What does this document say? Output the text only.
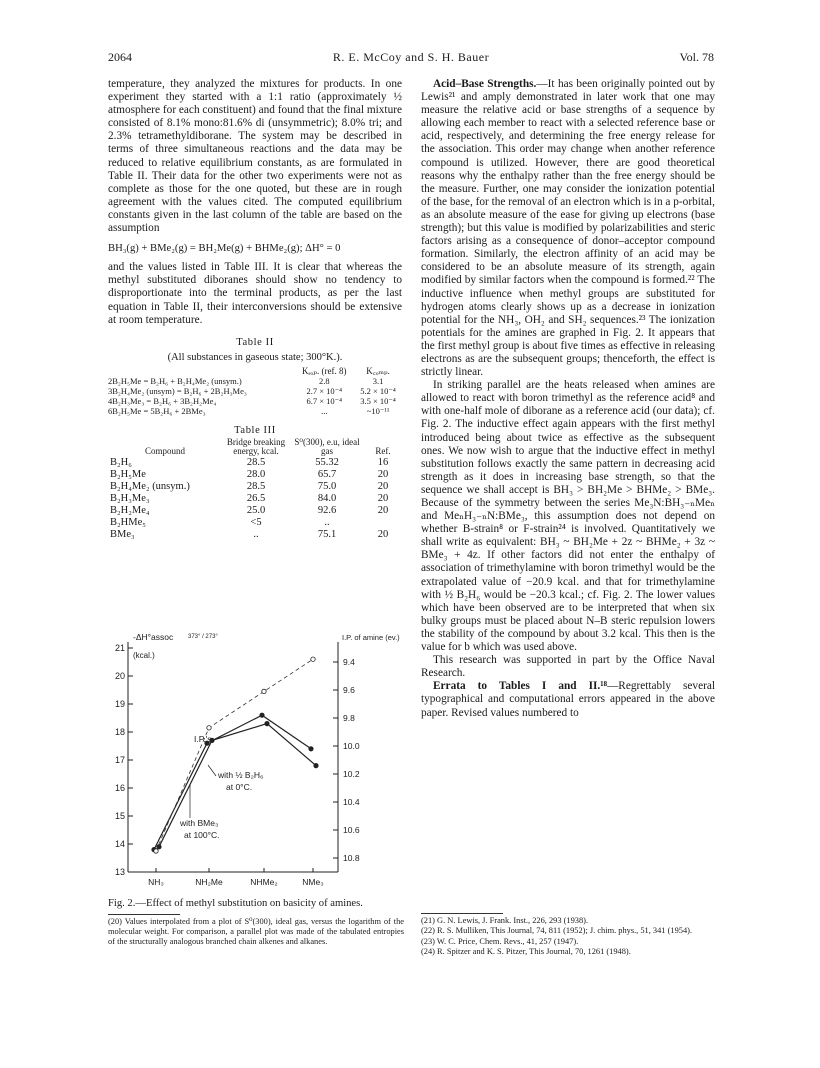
2064	R. E. McCoy and S. H. Bauer	Vol. 78

temperature, they analyzed the mixtures for products. In one experiment they started with a 1:1 ratio (approximately ½ atmosphere for each constituent) and found that the final mixture consisted of 8.1% mono:81.6% di (unsymmetric); 8.0% tri; and 2.3% tetramethyldiborane. The system may be described in terms of three simultaneous reactions and the data may be reduced to relative equilibrium constants, as are formulated in Table II. Their data for the other two experiments were not as complete as those for the one quoted, but these are in rough agreement with the values cited. The computed equilibrium constants given in the last column of the table are based on the assumption

BH₃(g) + BMe₂(g) = BH₂Me(g) + BHMe₂(g); ΔH° = 0

and the values listed in Table III. It is clear that whereas the methyl substituted diboranes should show no tendency to disproportionate into the terminal products, as per the last equation in Table II, their interconversions should be extensive at room temperature.

Table II
(All substances in gaseous state; 300°K.).
	Kₑₓₚ. (ref. 8)	K꜀ₒₘₚ.
2B₂H₅Me = B₂H₆ + B₂H₄Me₂ (unsym.)	2.8	3.1
3B₂H₄Me₂ (unsym) = B₂H₆ + 2B₂H₃Me₃	2.7 × 10⁻⁴	5.2 × 10⁻⁴
4B₂H₃Me₃ = B₂H₆ + 3B₂H₂Me₄	6.7 × 10⁻⁴	3.5 × 10⁻⁴
6B₂H₅Me = 5B₂H₆ + 2BMe₃	...	~10⁻¹¹
Table III
Compound	Bridge breaking energy, kcal.	S⁰(300), e.u, ideal gas	Ref.
B₂H₆	28.5	55.32	16
B₂H₅Me	28.0	65.7	20
B₂H₄Me₂ (unsym.)	28.5	75.0	20
B₂H₃Me₃	26.5	84.0	20
B₂H₂Me₄	25.0	92.6	20
B₂HMe₅	<5	..	
BMe₃	..	75.1	20
21
20
19
18
17
16
15
14
13
9.4
9.6
9.8
10.0
10.2
10.4
10.6
10.8
NH₃	NH₂Me	NHMe₂	NMe₃
-ΔH°assoc 373° / 273°
(kcal.)
I.P. of amine (ev.)
I.P.'s
with ½ B₂H₆
at 0°C.
with BMe₃
at 100°C.
Fig. 2.—Effect of methyl substitution on basicity of amines.
(20) Values interpolated from a plot of S⁰(300), ideal gas, versus the logarithm of the molecular weight. For comparison, a parallel plot was made of the tabulated entropies of the structurally analogous branched chain alkenes and alkanes.

Acid–Base Strengths.—It has been originally pointed out by Lewis²¹ and amply demonstrated in later work that one may measure the relative acid or base strengths of a sequence by allowing each member to react with a selected reference base or acid, respectively, and determining the free energy release for the association. This order may change when another reference compound is utilized. However, there are good theoretical reasons why the enthalpy rather than the free energy should be the measure. Further, one may consider the ionization potential of the base, for the removal of an electron which is in a p-orbital, as an absolute measure of the ease for giving up electrons (base strength); but this value is modified by polarizabilities and steric factors arising as a consequence of donor–acceptor compound formation. Similarly, the electron affinity of an acid may be considered to be an absolute measure of its strength, again modified by similar factors when the compound is formed.²² The inductive influence when methyl groups are substituted for hydrogen atoms clearly shows up as a decrease in ionization potential for the NH₃, OH₂ and SH₂ sequences.²³ The ionization potentials for the amines are graphed in Fig. 2. It appears that the first methyl group is about five times as effective in releasing electrons as are the subsequent groups; thenceforth, the effect is strictly linear.

In striking parallel are the heats released when amines are allowed to react with boron trimethyl as the reference acid⁸ and with one-half mole of diborane as a reference acid (our data); cf. Fig. 2. The inductive effect again appears with the first methyl introduced being about twice as effective as the subsequent ones. We now wish to argue that the inductive effect in methyl substitution follows exactly the same pattern in decreasing acid strength as it does in increasing base strength, so that the sequence we shall accept is BH₃ > BH₂Me > BHMe₂ > BMe₃. Because of the symmetry between the series Me₃N:BH₃₋ₙMeₙ and MeₙH₃₋ₙN:BMe₃, this assumption does not depend on whether B-strain⁸ or F-strain²⁴ is involved. Quantitatively we shall write as equivalent: BH₃ ~ BH₂Me + 2z ~ BHMe₂ + 3z ~ BMe₃ + 4z. If other factors did not enter the enthalpy of association of trimethylamine with boron trimethyl would be the extrapolated value of −20.9 kcal. and that for trimethylamine with ½ B₂H₆ would be −20.3 kcal.; cf. Fig. 2. The lower values which have been observed are to be interpreted that when six bulky groups must be placed about N–B steric repulsion lowers the stability of the compound by about 3.2 kcal. This then is the value for b which was used above.

This research was supported in part by the Office Naval Research.

Errata to Tables I and II.¹⁸—Regrettably several typographical and computational errors appeared in the above paper. Revised values numbered to

(21) G. N. Lewis, J. Frank. Inst., 226, 293 (1938).
(22) R. S. Mulliken, This Journal, 74, 811 (1952); J. chim. phys., 51, 341 (1954).
(23) W. C. Price, Chem. Revs., 41, 257 (1947).
(24) R. Spitzer and K. S. Pitzer, This Journal, 70, 1261 (1948).
